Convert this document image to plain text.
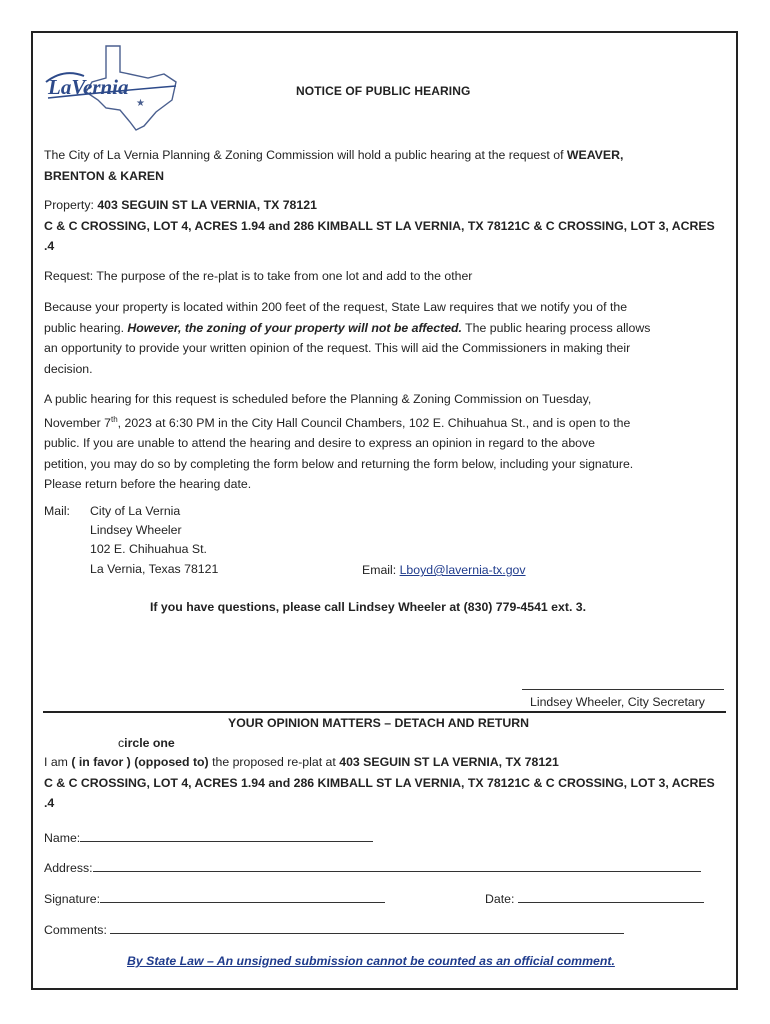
★
LaVernia	NOTICE OF PUBLIC HEARING
The City of La Vernia Planning & Zoning Commission will hold a public hearing at the request of WEAVER,
BRENTON & KAREN
Property: 403 SEGUIN ST LA VERNIA, TX 78121
C & C CROSSING, LOT 4, ACRES 1.94 and 286 KIMBALL ST LA VERNIA, TX 78121C & C CROSSING, LOT 3, ACRES
.4
Request: The purpose of the re-plat is to take from one lot and add to the other
Because your property is located within 200 feet of the request, State Law requires that we notify you of the
public hearing. However, the zoning of your property will not be affected. The public hearing process allows
an opportunity to provide your written opinion of the request. This will aid the Commissioners in making their
decision.
A public hearing for this request is scheduled before the Planning & Zoning Commission on Tuesday,
November 7th, 2023 at 6:30 PM in the City Hall Council Chambers, 102 E. Chihuahua St., and is open to the
public. If you are unable to attend the hearing and desire to express an opinion in regard to the above
petition, you may do so by completing the form below and returning the form below, including your signature.
Please return before the hearing date.
Mail: City of La Vernia
Lindsey Wheeler
102 E. Chihuahua St.
La Vernia, Texas 78121	Email: Lboyd@lavernia-tx.gov
If you have questions, please call Lindsey Wheeler at (830) 779-4541 ext. 3.
Lindsey Wheeler, City Secretary
YOUR OPINION MATTERS – DETACH AND RETURN
circle one
I am ( in favor ) (opposed to) the proposed re-plat at 403 SEGUIN ST LA VERNIA, TX 78121
C & C CROSSING, LOT 4, ACRES 1.94 and 286 KIMBALL ST LA VERNIA, TX 78121C & C CROSSING, LOT 3, ACRES
.4
Name:
Address:
Signature:	Date:
Comments:
By State Law – An unsigned submission cannot be counted as an official comment.
